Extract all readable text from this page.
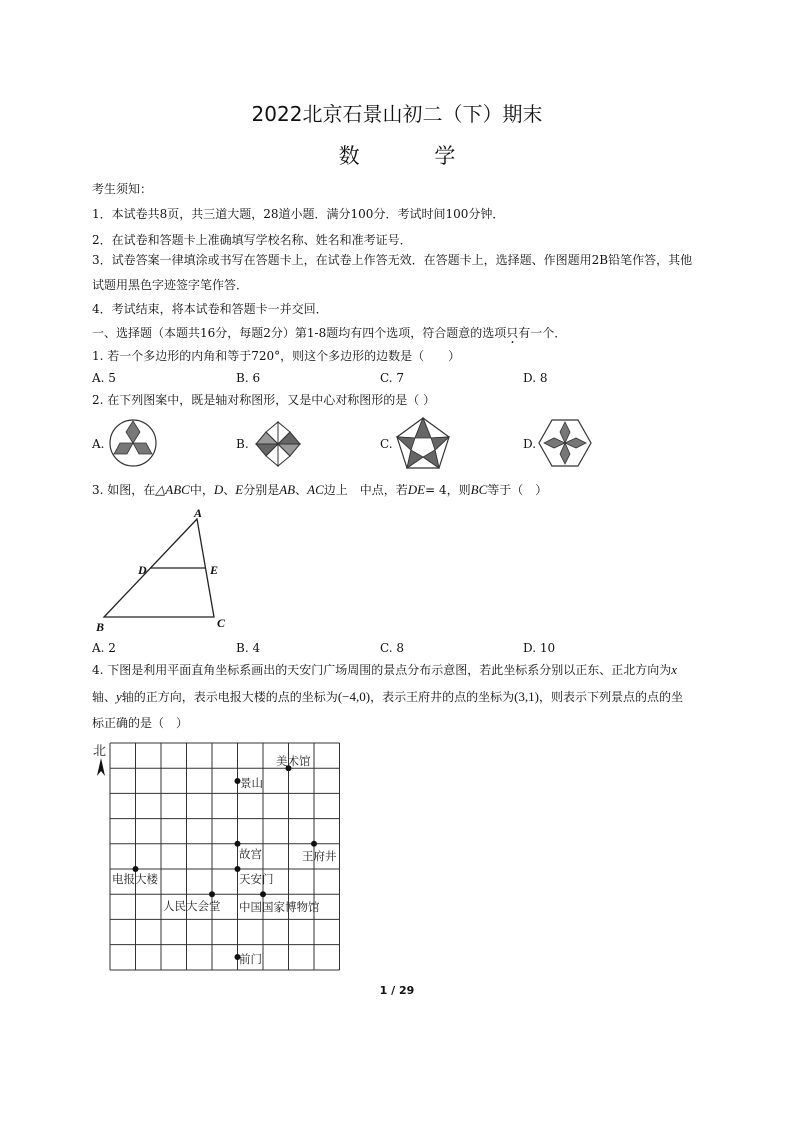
2022北京石景山初二（下）期末
数 学
考生须知：
1．本试卷共8页，共三道大题，28道小题．满分100分．考试时间100分钟．
2．在试卷和答题卡上准确填写学校名称、姓名和准考证号．
3．试卷答案一律填涂或书写在答题卡上，在试卷上作答无效．在答题卡上，选择题、作图题用2B铅笔作答，其他
试题用黑色字迹签字笔作答．
4．考试结束，将本试卷和答题卡一并交回．
一、选择题（本题共16分，每题2分）第1-8题均有四个选项，符合题意的选项只有一个．
1. 若一个多边形的内角和等于720°，则这个多边形的边数是（　　）
A. 5	B. 6	C. 7	D. 8
2. 在下列图案中，既是轴对称图形，又是中心对称图形的是（ ）
A.	B.	C.	D.
3. 如图，在△ABC中，D、E分别是AB、AC边上　中点，若DE= 4，则BC等于（　）
A
D	E
B	C
A. 2	B. 4	C. 8	D. 10
4. 下图是利用平面直角坐标系画出的天安门广场周围的景点分布示意图，若此坐标系分别以正东、正北方向为x
轴、y轴的正方向，表示电报大楼的点的坐标为(−4,0)，表示王府井的点的坐标为(3,1)，则表示下列景点的点的坐
标正确的是（　）
北
美术馆
景山
故宫	王府井
电报大楼	天安门
人民大会堂 中国国家博物馆
前门
1 / 29
